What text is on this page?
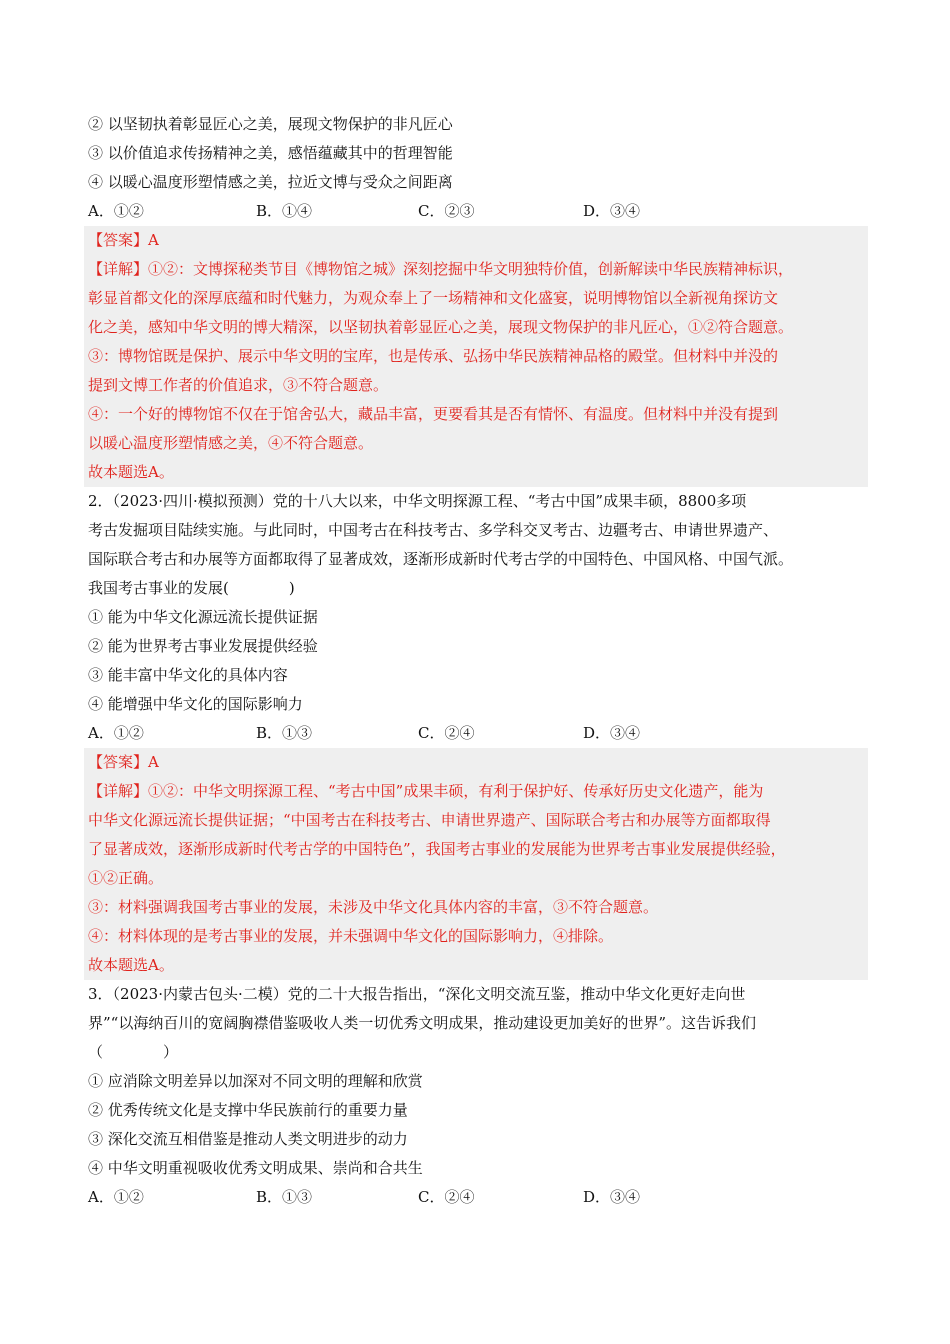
② 以坚韧执着彰显匠心之美，展现文物保护的非凡匠心
③ 以价值追求传扬精神之美，感悟蕴藏其中的哲理智能
④ 以暖心温度形塑情感之美，拉近文博与受众之间距离
A．①②	B．①④	C．②③	D．③④
【答案】A
【详解】①②：文博探秘类节目《博物馆之城》深刻挖掘中华文明独特价值，创新解读中华民族精神标识，
彰显首都文化的深厚底蕴和时代魅力，为观众奉上了一场精神和文化盛宴，说明博物馆以全新视角探访文
化之美，感知中华文明的博大精深，以坚韧执着彰显匠心之美，展现文物保护的非凡匠心，①②符合题意。
③：博物馆既是保护、展示中华文明的宝库，也是传承、弘扬中华民族精神品格的殿堂。但材料中并没的
提到文博工作者的价值追求，③不符合题意。
④：一个好的博物馆不仅在于馆舍弘大，藏品丰富，更要看其是否有情怀、有温度。但材料中并没有提到
以暖心温度形塑情感之美，④不符合题意。
故本题选A。
2．（2023·四川·模拟预测）党的十八大以来，中华文明探源工程、“考古中国”成果丰硕，8800多项
考古发掘项目陆续实施。与此同时，中国考古在科技考古、多学科交叉考古、边疆考古、申请世界遗产、
国际联合考古和办展等方面都取得了显著成效，逐渐形成新时代考古学的中国特色、中国风格、中国气派。
我国考古事业的发展(　　　　)
① 能为中华文化源远流长提供证据
② 能为世界考古事业发展提供经验
③ 能丰富中华文化的具体内容
④ 能增强中华文化的国际影响力
A．①②	B．①③	C．②④	D．③④
【答案】A
【详解】①②：中华文明探源工程、“考古中国”成果丰硕，有利于保护好、传承好历史文化遗产，能为
中华文化源远流长提供证据；“中国考古在科技考古、申请世界遗产、国际联合考古和办展等方面都取得
了显著成效，逐渐形成新时代考古学的中国特色”，我国考古事业的发展能为世界考古事业发展提供经验，
①②正确。
③：材料强调我国考古事业的发展，未涉及中华文化具体内容的丰富，③不符合题意。
④：材料体现的是考古事业的发展，并未强调中华文化的国际影响力，④排除。
故本题选A。
3．（2023·内蒙古包头·二模）党的二十大报告指出，“深化文明交流互鉴，推动中华文化更好走向世
界”“以海纳百川的宽阔胸襟借鉴吸收人类一切优秀文明成果，推动建设更加美好的世界”。这告诉我们
（　　　　）
① 应消除文明差异以加深对不同文明的理解和欣赏
② 优秀传统文化是支撑中华民族前行的重要力量
③ 深化交流互相借鉴是推动人类文明进步的动力
④ 中华文明重视吸收优秀文明成果、崇尚和合共生
A．①②	B．①③	C．②④	D．③④
